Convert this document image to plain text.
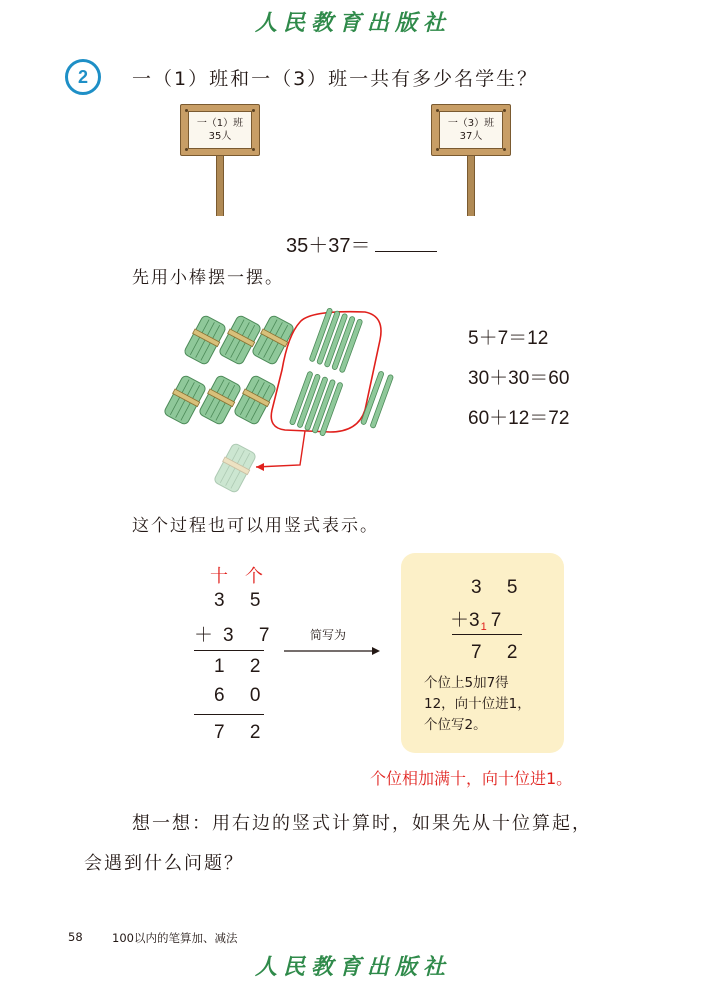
人民教育出版社
2	一（1）班和一（3）班一共有多少名学生？
一（1）班
35人
一（3）班
37人
35＋37＝
先用小棒摆一摆。
5＋7＝12
30＋30＝60
60＋12＝72
这个过程也可以用竖式表示。
十 个
3 5
＋3 7
1 2
6 0
7 2
简写为
3 5
$+3_1$ 7
7 2
个位上5加7得
12，向十位进1，
个位写2。
个位相加满十，向十位进1。
想一想：用右边的竖式计算时，如果先从十位算起，
会遇到什么问题？
58	100以内的笔算加、减法
人民教育出版社
